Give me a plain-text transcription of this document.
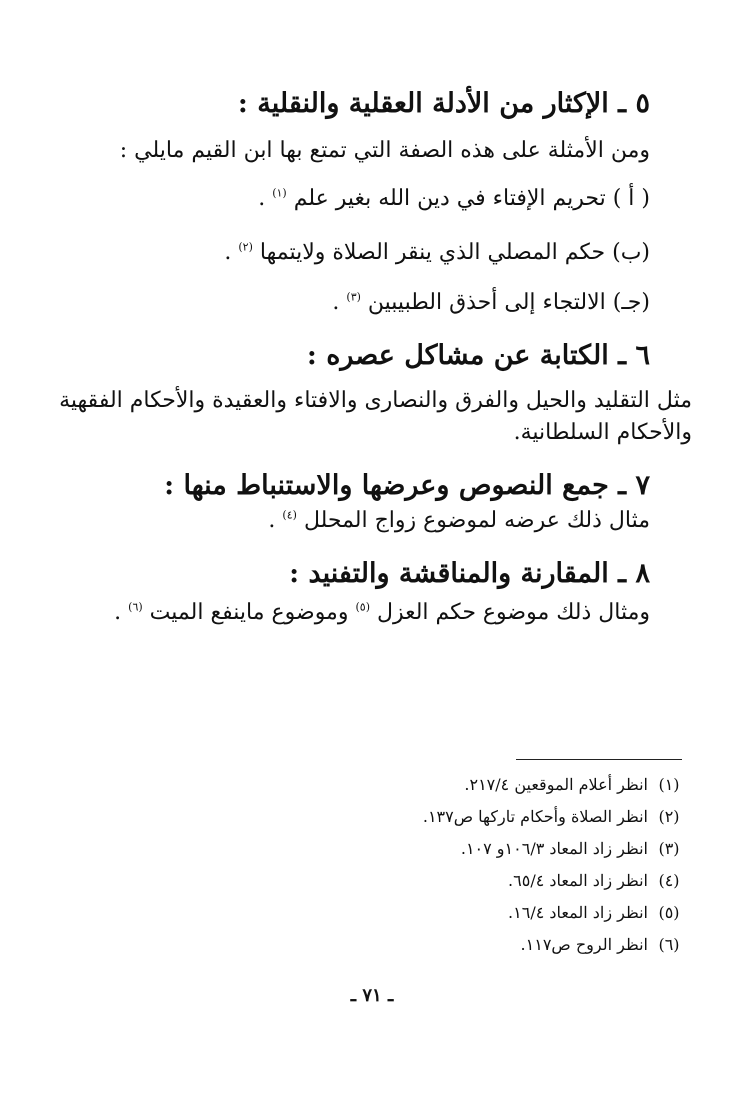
٥ ـ الإكثار من الأدلة العقلية والنقلية :
ومن الأمثلة على هذه الصفة التي تمتع بها ابن القيم مايلي :
( أ ) تحريم الإفتاء في دين الله بغير علم $^{(١)}$ .
(ب) حكم المصلي الذي ينقر الصلاة ولايتمها $^{(٢)}$ .
(جـ) الالتجاء إلى أحذق الطبيبين $^{(٣)}$ .
٦ ـ الكتابة عن مشاكل عصره :
مثل التقليد والحيل والفرق والنصارى والافتاء والعقيدة والأحكام الفقهية
والأحكام السلطانية.
٧ ـ جمع النصوص وعرضها والاستنباط منها :
مثال ذلك عرضه لموضوع زواج المحلل $^{(٤)}$ .
٨ ـ المقارنة والمناقشة والتفنيد :
ومثال ذلك موضوع حكم العزل $^{(٥)}$ وموضوع ماينفع الميت $^{(٦)}$ .
(١)انظر أعلام الموقعين ٢١٧/٤.
(٢)انظر الصلاة وأحكام تاركها ص١٣٧.
(٣)انظر زاد المعاد ١٠٦/٣و ١٠٧.
(٤)انظر زاد المعاد ٦٥/٤.
(٥)انظر زاد المعاد ١٦/٤.
(٦)انظر الروح ص١١٧.
ـ ٧١ ـ
